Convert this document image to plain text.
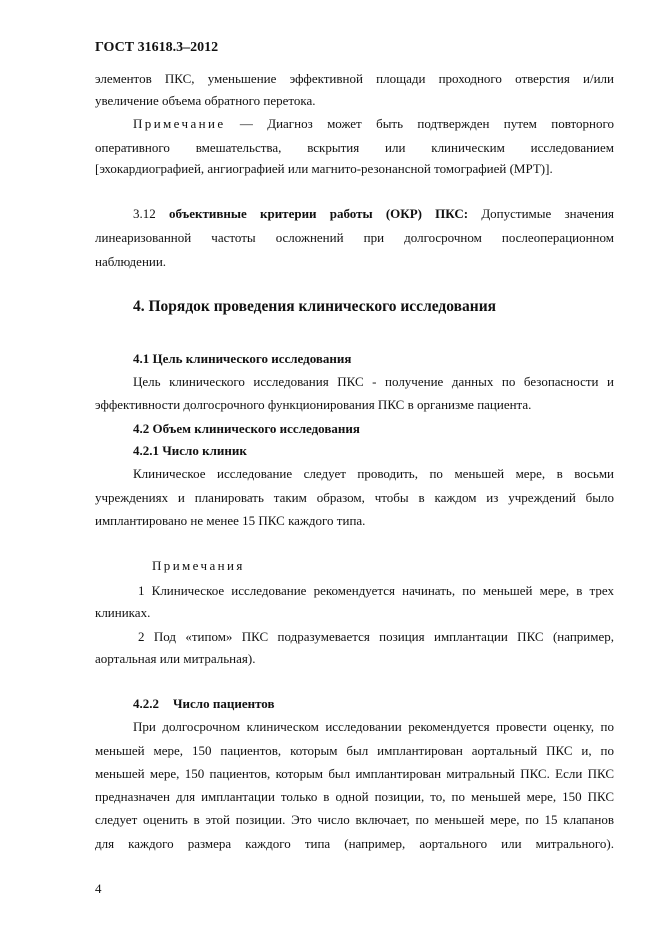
ГОСТ 31618.3–2012
элементов ПКС, уменьшение эффективной площади проходного отверстия и/или
увеличение объема обратного перетока.
Примечание — Диагноз может быть подтвержден путем повторного
оперативного вмешательства, вскрытия или клиническим исследованием
[эхокардиографией, ангиографией или магнито-резонансной томографией (МРТ)].
3.12 объективные критерии работы (ОКР) ПКС: Допустимые значения
линеаризованной частоты осложнений при долгосрочном послеоперационном
наблюдении.
4. Порядок проведения клинического исследования
4.1 Цель клинического исследования
Цель клинического исследования ПКС - получение данных по безопасности и
эффективности долгосрочного функционирования ПКС в организме пациента.
4.2 Объем клинического исследования
4.2.1 Число клиник
Клиническое исследование следует проводить, по меньшей мере, в восьми
учреждениях и планировать таким образом, чтобы в каждом из учреждений было
имплантировано не менее 15 ПКС каждого типа.
Примечания
1 Клиническое исследование рекомендуется начинать, по меньшей мере, в трех
клиниках.
2 Под «типом» ПКС подразумевается позиция имплантации ПКС (например,
аортальная или митральная).
4.2.2 Число пациентов
При долгосрочном клиническом исследовании рекомендуется провести оценку, по
меньшей мере, 150 пациентов, которым был имплантирован аортальный ПКС и, по
меньшей мере, 150 пациентов, которым был имплантирован митральный ПКС. Если ПКС
предназначен для имплантации только в одной позиции, то, по меньшей мере, 150 ПКС
следует оценить в этой позиции. Это число включает, по меньшей мере, по 15 клапанов
для каждого размера каждого типа (например, аортального или митрального).
4
